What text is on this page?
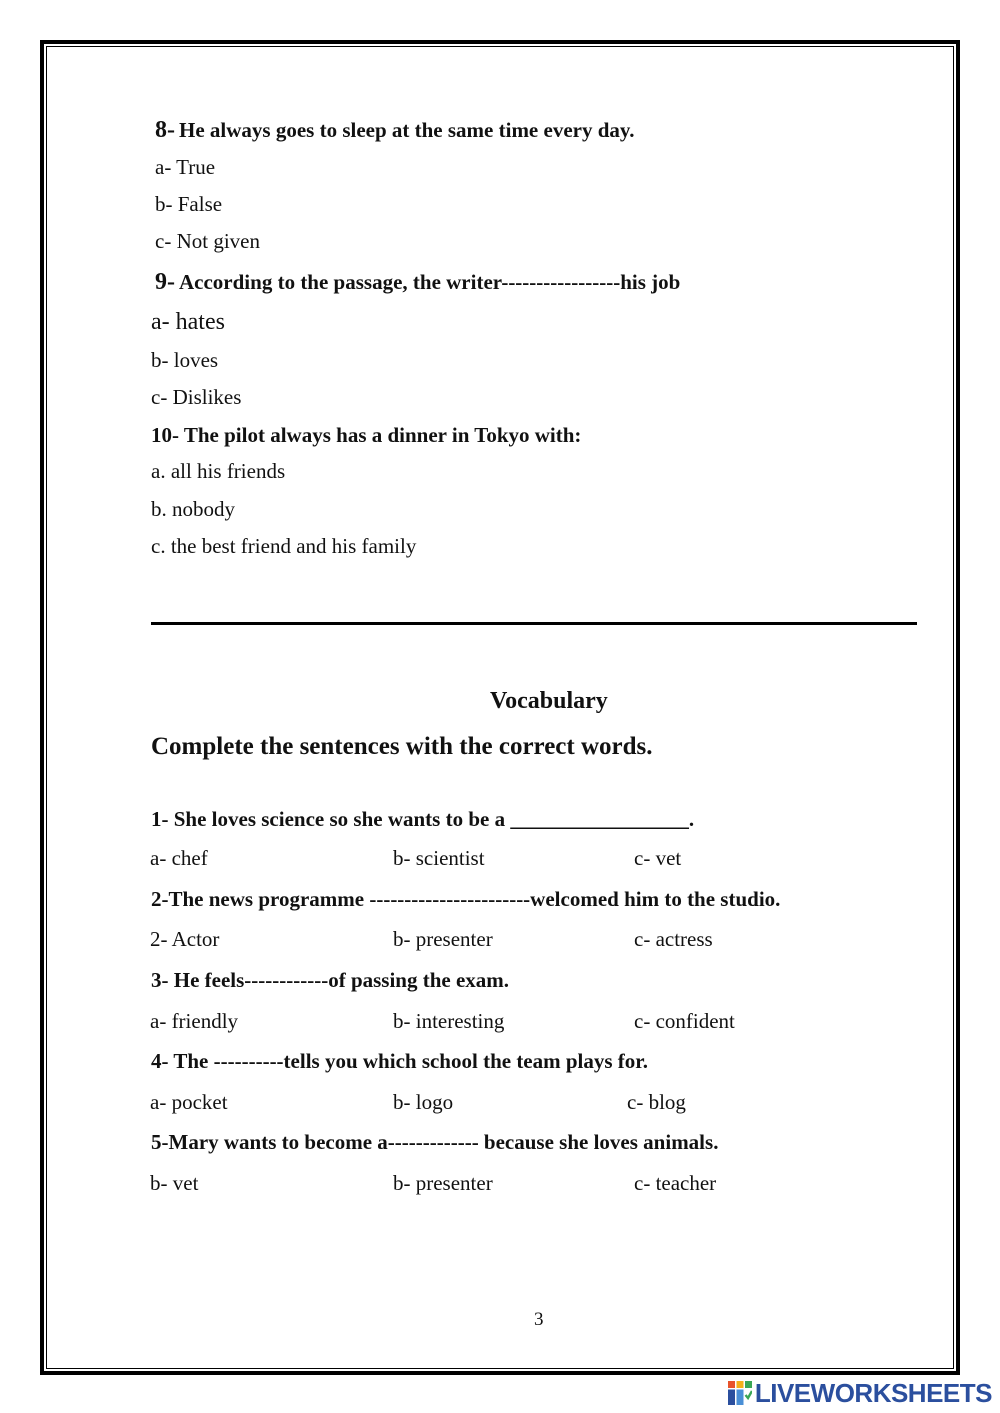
8- He always goes to sleep at the same time every day.
a- True
b- False
c- Not given
9- According to the passage, the writer-----------------his job
a- hates
b- loves
c- Dislikes
10- The pilot always has a dinner in Tokyo with:
a. all his friends
b. nobody
c. the best friend and his family
Vocabulary
Complete the sentences with the correct words.
1- She loves science so she wants to be a _________________.
a- chef	b- scientist	c- vet
2-The news programme -----------------------welcomed him to the studio.
2- Actor	b- presenter	c- actress
3- He feels------------of passing the exam.
a- friendly	b- interesting	c- confident
4- The ----------tells you which school the team plays for.
a- pocket	b- logo	c- blog
5-Mary wants to become a------------- because she loves animals.
b- vet	b- presenter	c- teacher
3
LIVEWORKSHEETS
